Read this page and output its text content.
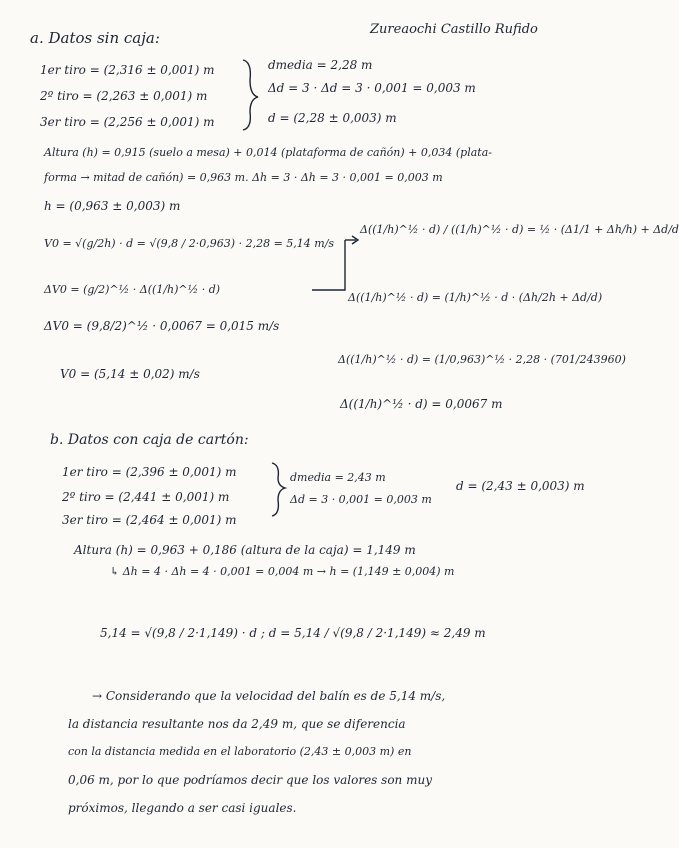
Zureaochi Castillo Rufido
a. Datos sin caja:
1er tiro = (2,316 ± 0,001) m
2º tiro = (2,263 ± 0,001) m
3er tiro = (2,256 ± 0,001) m
dmedia = 2,28 m
Δd = 3 · Δd = 3 · 0,001 = 0,003 m
d = (2,28 ± 0,003) m
Altura (h) = 0,915 (suelo a mesa) + 0,014 (plataforma de cañón) + 0,034 (plata-
forma → mitad de cañón) = 0,963 m. Δh = 3 · Δh = 3 · 0,001 = 0,003 m
h = (0,963 ± 0,003) m
V0 = √(g/2h) · d = √(9,8 / 2·0,963) · 2,28 = 5,14 m/s
ΔV0 = (g/2)^½ · Δ((1/h)^½ · d)
ΔV0 = (9,8/2)^½ · 0,0067 = 0,015 m/s
V0 = (5,14 ± 0,02) m/s
Δ((1/h)^½ · d) / ((1/h)^½ · d) = ½ · (Δ1/1 + Δh/h) + Δd/d
Δ((1/h)^½ · d) = (1/h)^½ · d · (Δh/2h + Δd/d)
Δ((1/h)^½ · d) = (1/0,963)^½ · 2,28 · (701/243960)
Δ((1/h)^½ · d) = 0,0067 m
b. Datos con caja de cartón:
1er tiro = (2,396 ± 0,001) m
2º tiro = (2,441 ± 0,001) m
3er tiro = (2,464 ± 0,001) m
dmedia = 2,43 m
Δd = 3 · 0,001 = 0,003 m
d = (2,43 ± 0,003) m
Altura (h) = 0,963 + 0,186 (altura de la caja) = 1,149 m
↳ Δh = 4 · Δh = 4 · 0,001 = 0,004 m → h = (1,149 ± 0,004) m
5,14 = √(9,8 / 2·1,149) · d ; d = 5,14 / √(9,8 / 2·1,149) ≈ 2,49 m
→ Considerando que la velocidad del balín es de 5,14 m/s,
la distancia resultante nos da 2,49 m, que se diferencia
con la distancia medida en el laboratorio (2,43 ± 0,003 m) en
0,06 m, por lo que podríamos decir que los valores son muy
próximos, llegando a ser casi iguales.
